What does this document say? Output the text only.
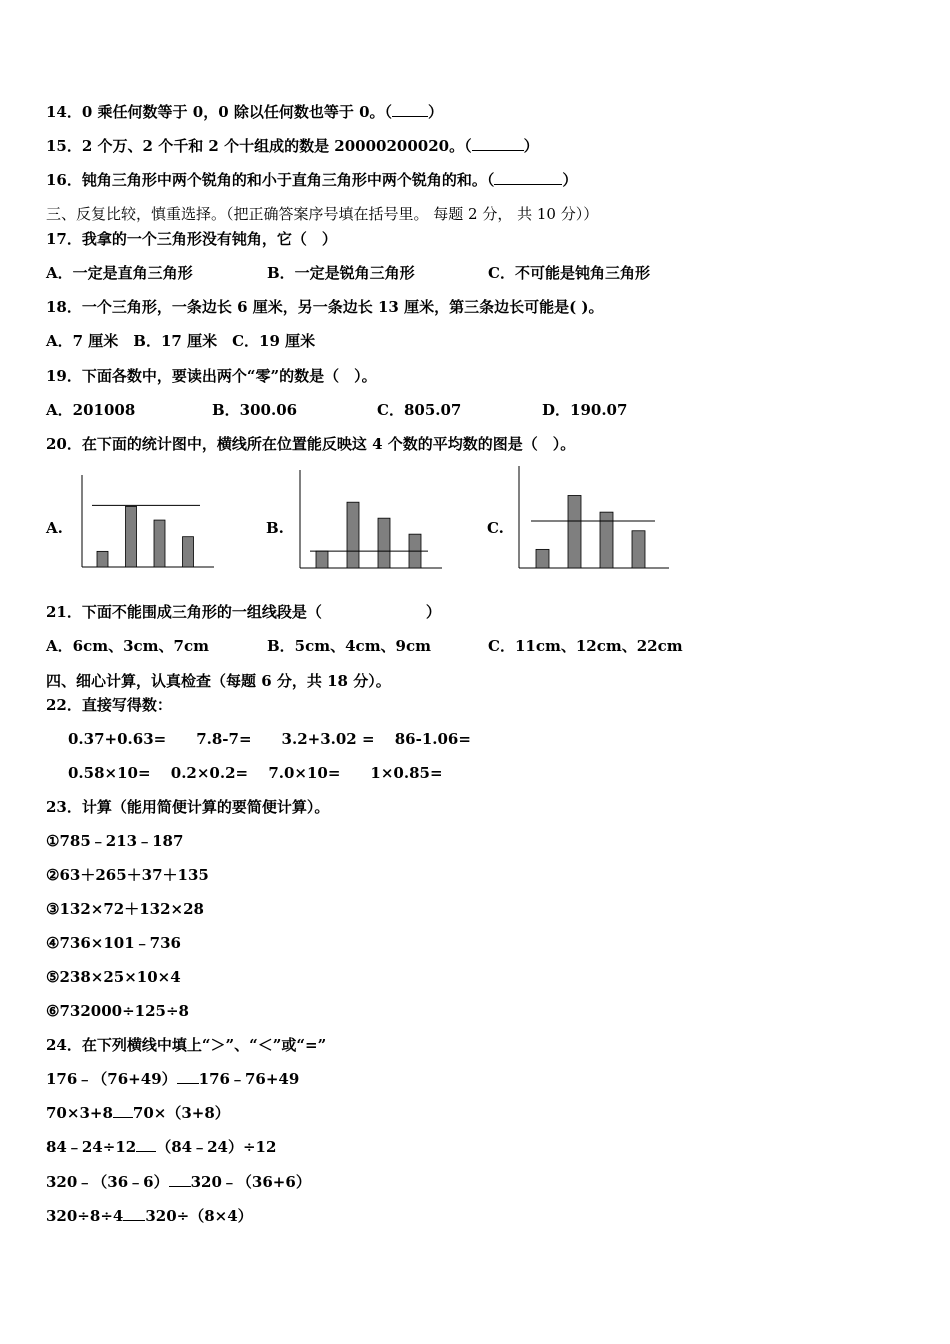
14．0 乘任何数等于 0，0 除以任何数也等于 0。（ ）
15．2 个万、2 个千和 2 个十组成的数是 20000200020。（	）
16．钝角三角形中两个锐角的和小于直角三角形中两个锐角的和。（	）
三、反复比较，慎重选择。（把正确答案序号填在括号里。 每题 2 分， 共 10 分））
17．我拿的一个三角形没有钝角，它（　）
A．一定是直角三角形	B．一定是锐角三角形	C．不可能是钝角三角形
18．一个三角形，一条边长 6 厘米，另一条边长 13 厘米，第三条边长可能是( )。
A．7 厘米　B．17 厘米　C．19 厘米
19．下面各数中，要读出两个“零”的数是（　）。
A．201008	B．300.06	C．805.07	D．190.07
20．在下面的统计图中，横线所在位置能反映这 4 个数的平均数的图是（　）。
A.	B.	C.
21．下面不能围成三角形的一组线段是（	）
A．6cm、3cm、7cm	B．5cm、4cm、9cm	C．11cm、12cm、22cm
四、细心计算，认真检查（每题 6 分，共 18 分）。
22．直接写得数：
0.37+0.63=　　7.8-7=　　3.2+3.02 =　 86-1.06=
0.58×10=　 0.2×0.2=　 7.0×10=　　1×0.85=
23．计算（能用简便计算的要简便计算）。
①785﹣213﹣187
②63＋265＋37＋135
③132×72＋132×28
④736×101﹣736
⑤238×25×10×4
⑥732000÷125÷8
24．在下列横线中填上“＞”、“＜”或“=”
176﹣（76+49） 176﹣76+49
70×3+8 70×（3+8）
84﹣24÷12 （84﹣24）÷12
320﹣（36﹣6） 320﹣（36+6）
320÷8÷4 320÷（8×4）
